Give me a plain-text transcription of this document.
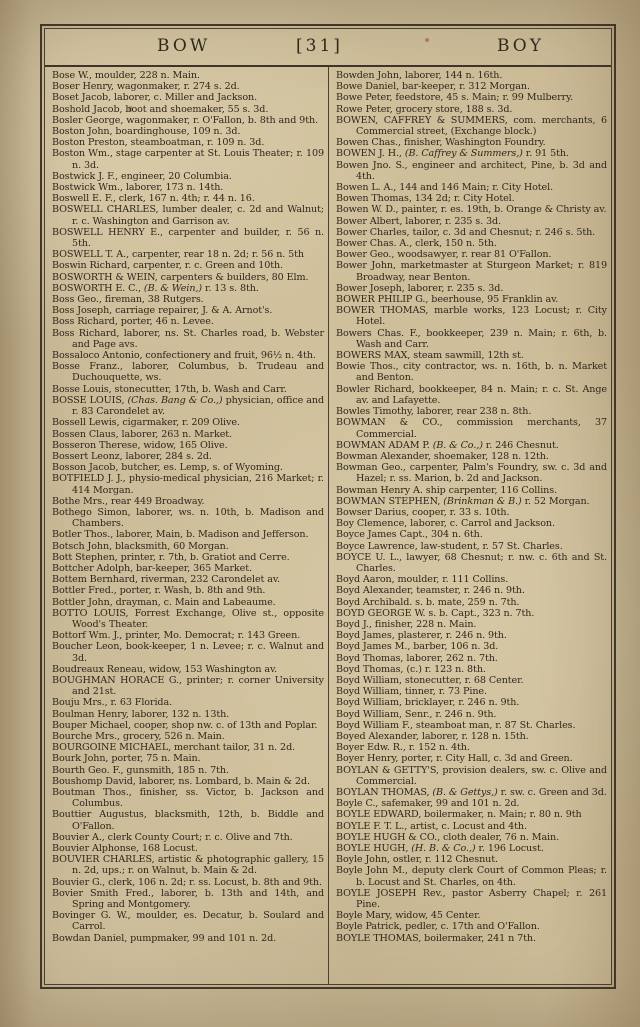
BOW	[31]	BOY

Bose W., moulder, 228 n. Main.

Boser Henry, wagonmaker, r. 274 s. 2d.

Boset Jacob, laborer, c. Miller and Jackson.

Boshold Jacob, boot and shoemaker, 55 s. 3d.

Bosler George, wagonmaker, r. O'Fallon, b. 8th and 9th.

Boston John, boardinghouse, 109 n. 3d.

Boston Preston, steamboatman, r. 109 n. 3d.

Boston Wm., stage carpenter at St. Louis Theater; r. 109 n. 3d.

Bostwick J. F., engineer, 20 Columbia.

Bostwick Wm., laborer, 173 n. 14th.

Boswell E. F., clerk, 167 n. 4th; r. 44 n. 16.

BOSWELL CHARLES, lumber dealer, c. 2d and Walnut; r. c. Washington and Garrison av.

BOSWELL HENRY E., carpenter and builder, r. 56 n. 5th.

BOSWELL T. A., carpenter, rear 18 n. 2d; r. 56 n. 5th

Boswin Richard, carpenter, r. c. Green and 10th.

BOSWORTH & WEIN, carpenters & builders, 80 Elm.

BOSWORTH E. C., (B. & Wein,) r. 13 s. 8th.

Boss Geo., fireman, 38 Rutgers.

Boss Joseph, carriage repairer, J. & A. Arnot's.

Boss Richard, porter, 46 n. Levee.

Boss Richard, laborer, ns. St. Charles road, b. Webster and Page avs.

Bossaloco Antonio, confectionery and fruit, 96½ n. 4th.

Bosse Franz., laborer, Columbus, b. Trudeau and Duchouquette, ws.

Bosse Louis, stonecutter, 17th, b. Wash and Carr.

BOSSE LOUIS, (Chas. Bang & Co.,) physician, office and r. 83 Carondelet av.

Bossell Lewis, cigarmaker, r. 209 Olive.

Bossen Claus, laborer, 263 n. Market.

Bosseron Therese, widow, 165 Olive.

Bossert Leonz, laborer, 284 s. 2d.

Bosson Jacob, butcher, es. Lemp, s. of Wyoming.

BOTFIELD J. J., physio-medical physician, 216 Market; r. 414 Morgan.

Bothe Mrs., rear 449 Broadway.

Bothego Simon, laborer, ws. n. 10th, b. Madison and Chambers.

Botler Thos., laborer, Main, b. Madison and Jefferson.

Botsch John, blacksmith, 60 Morgan.

Bott Stephen, printer, r. 7th, b. Gratiot and Cerre.

Bottcher Adolph, bar-keeper, 365 Market.

Bottem Bernhard, riverman, 232 Carondelet av.

Bottler Fred., porter, r. Wash, b. 8th and 9th.

Bottler John, drayman, c. Main and Labeaume.

BOTTO LOUIS, Forrest Exchange, Olive st., opposite Wood's Theater.

Bottorf Wm. J., printer, Mo. Democrat; r. 143 Green.

Boucher Leon, book-keeper, 1 n. Levee; r. c. Walnut and 3d.

Boudreaux Reneau, widow, 153 Washington av.

BOUGHMAN HORACE G., printer; r. corner University and 21st.

Bouju Mrs., r. 63 Florida.

Boulman Henry, laborer, 132 n. 13th.

Bouper Michael, cooper, shop nw. c. of 13th and Poplar.

Bourche Mrs., grocery, 526 n. Main.

BOURGOINE MICHAEL, merchant tailor, 31 n. 2d.

Bourk John, porter, 75 n. Main.

Bourth Geo. F., gunsmith, 185 n. 7th.

Boushomp David, laborer, ns. Lombard, b. Main & 2d.

Boutman Thos., finisher, ss. Victor, b. Jackson and Columbus.

Bouttier Augustus, blacksmith, 12th, b. Biddle and O'Fallon.

Bouvier A., clerk County Court; r. c. Olive and 7th.

Bouvier Alphonse, 168 Locust.

BOUVIER CHARLES, artistic & photographic gallery, 15 n. 2d, ups.; r. on Walnut, b. Main & 2d.

Bouvier G., clerk, 106 n. 2d; r. ss. Locust, b. 8th and 9th.

Bovier Smith Fred., laborer, b. 13th and 14th, and Spring and Montgomery.

Bovinger G. W., moulder, es. Decatur, b. Soulard and Carrol.

Bowdan Daniel, pumpmaker, 99 and 101 n. 2d.

Bowden John, laborer, 144 n. 16th.

Bowe Daniel, bar-keeper, r. 312 Morgan.

Bowe Peter, feedstore, 45 s. Main; r. 99 Mulberry.

Rowe Peter, grocery store, 188 s. 3d.

BOWEN, CAFFREY & SUMMERS, com. merchants, 6 Commercial street, (Exchange block.)

Bowen Chas., finisher, Washington Foundry.

BOWEN J. H., (B. Caffrey & Summers,) r. 91 5th.

Bowen Jno. S., engineer and architect, Pine, b. 3d and 4th.

Bowen L. A., 144 and 146 Main; r. City Hotel.

Bowen Thomas, 134 2d; r. City Hotel.

Bowen W. D., painter, r. es. 19th, b. Orange & Christy av.

Bower Albert, laborer, r. 235 s. 3d.

Bower Charles, tailor, c. 3d and Chesnut; r. 246 s. 5th.

Bower Chas. A., clerk, 150 n. 5th.

Bower Geo., woodsawyer, r. rear 81 O'Fallon.

Bower John, marketmaster at Sturgeon Market; r. 819 Broadway, near Benton.

Bower Joseph, laborer, r. 235 s. 3d.

BOWER PHILIP G., beerhouse, 95 Franklin av.

BOWER THOMAS, marble works, 123 Locust; r. City Hotel.

Bowers Chas. F., bookkeeper, 239 n. Main; r. 6th, b. Wash and Carr.

BOWERS MAX, steam sawmill, 12th st.

Bowie Thos., city contractor, ws. n. 16th, b. n. Market and Benton.

Bowler Richard, bookkeeper, 84 n. Main; r. c. St. Ange av. and Lafayette.

Bowles Timothy, laborer, rear 238 n. 8th.

BOWMAN & CO., commission merchants, 37 Commercial.

BOWMAN ADAM P. (B. & Co.,) r. 246 Chesnut.

Bowman Alexander, shoemaker, 128 n. 12th.

Bowman Geo., carpenter, Palm's Foundry, sw. c. 3d and Hazel; r. ss. Marion, b. 2d and Jackson.

Bowman Henry A. ship carpenter, 116 Collins.

BOWMAN STEPHEN, (Brinkman & B.) r. 52 Morgan.

Bowser Darius, cooper, r. 33 s. 10th.

Boy Clemence, laborer, c. Carrol and Jackson.

Boyce James Capt., 304 n. 6th.

Boyce Lawrence, law-student, r. 57 St. Charles.

BOYCE U. L., lawyer, 68 Chesnut; r. nw. c. 6th and St. Charles.

Boyd Aaron, moulder, r. 111 Collins.

Boyd Alexander, teamster, r. 246 n. 9th.

Boyd Archibald. s. b. mate, 259 n. 7th.

BOYD GEORGE W. s. b. Capt., 323 n. 7th.

Boyd J., finisher, 228 n. Main.

Boyd James, plasterer, r. 246 n. 9th.

Boyd James M., barber, 106 n. 3d.

Boyd Thomas, laborer, 262 n. 7th.

Boyd Thomas, (c.) r. 123 n. 8th.

Boyd William, stonecutter, r. 68 Center.

Boyd William, tinner, r. 73 Pine.

Boyd William, bricklayer, r. 246 n. 9th.

Boyd William, Senr., r. 246 n. 9th.

Boyd William F., steamboat man, r. 87 St. Charles.

Boyed Alexander, laborer, r. 128 n. 15th.

Boyer Edw. R., r. 152 n. 4th.

Boyer Henry, porter, r. City Hall, c. 3d and Green.

BOYLAN & GETTY'S, provision dealers, sw. c. Olive and Commercial.

BOYLAN THOMAS, (B. & Gettys,) r. sw. c. Green and 3d.

Boyle C., safemaker, 99 and 101 n. 2d.

BOYLE EDWARD, boilermaker, n. Main; r. 80 n. 9th

BOYLE F. T. L., artist, c. Locust and 4th.

BOYLE HUGH & CO., cloth dealer, 76 n. Main.

BOYLE HUGH, (H. B. & Co.,) r. 196 Locust.

Boyle John, ostler, r. 112 Chesnut.

Boyle John M., deputy clerk Court of Common Pleas; r. b. Locust and St. Charles, on 4th.

BOYLE JOSEPH Rev., pastor Asberry Chapel; r. 261 Pine.

Boyle Mary, widow, 45 Center.

Boyle Patrick, pedler, c. 17th and O'Fallon.

BOYLE THOMAS, boilermaker, 241 n 7th.
